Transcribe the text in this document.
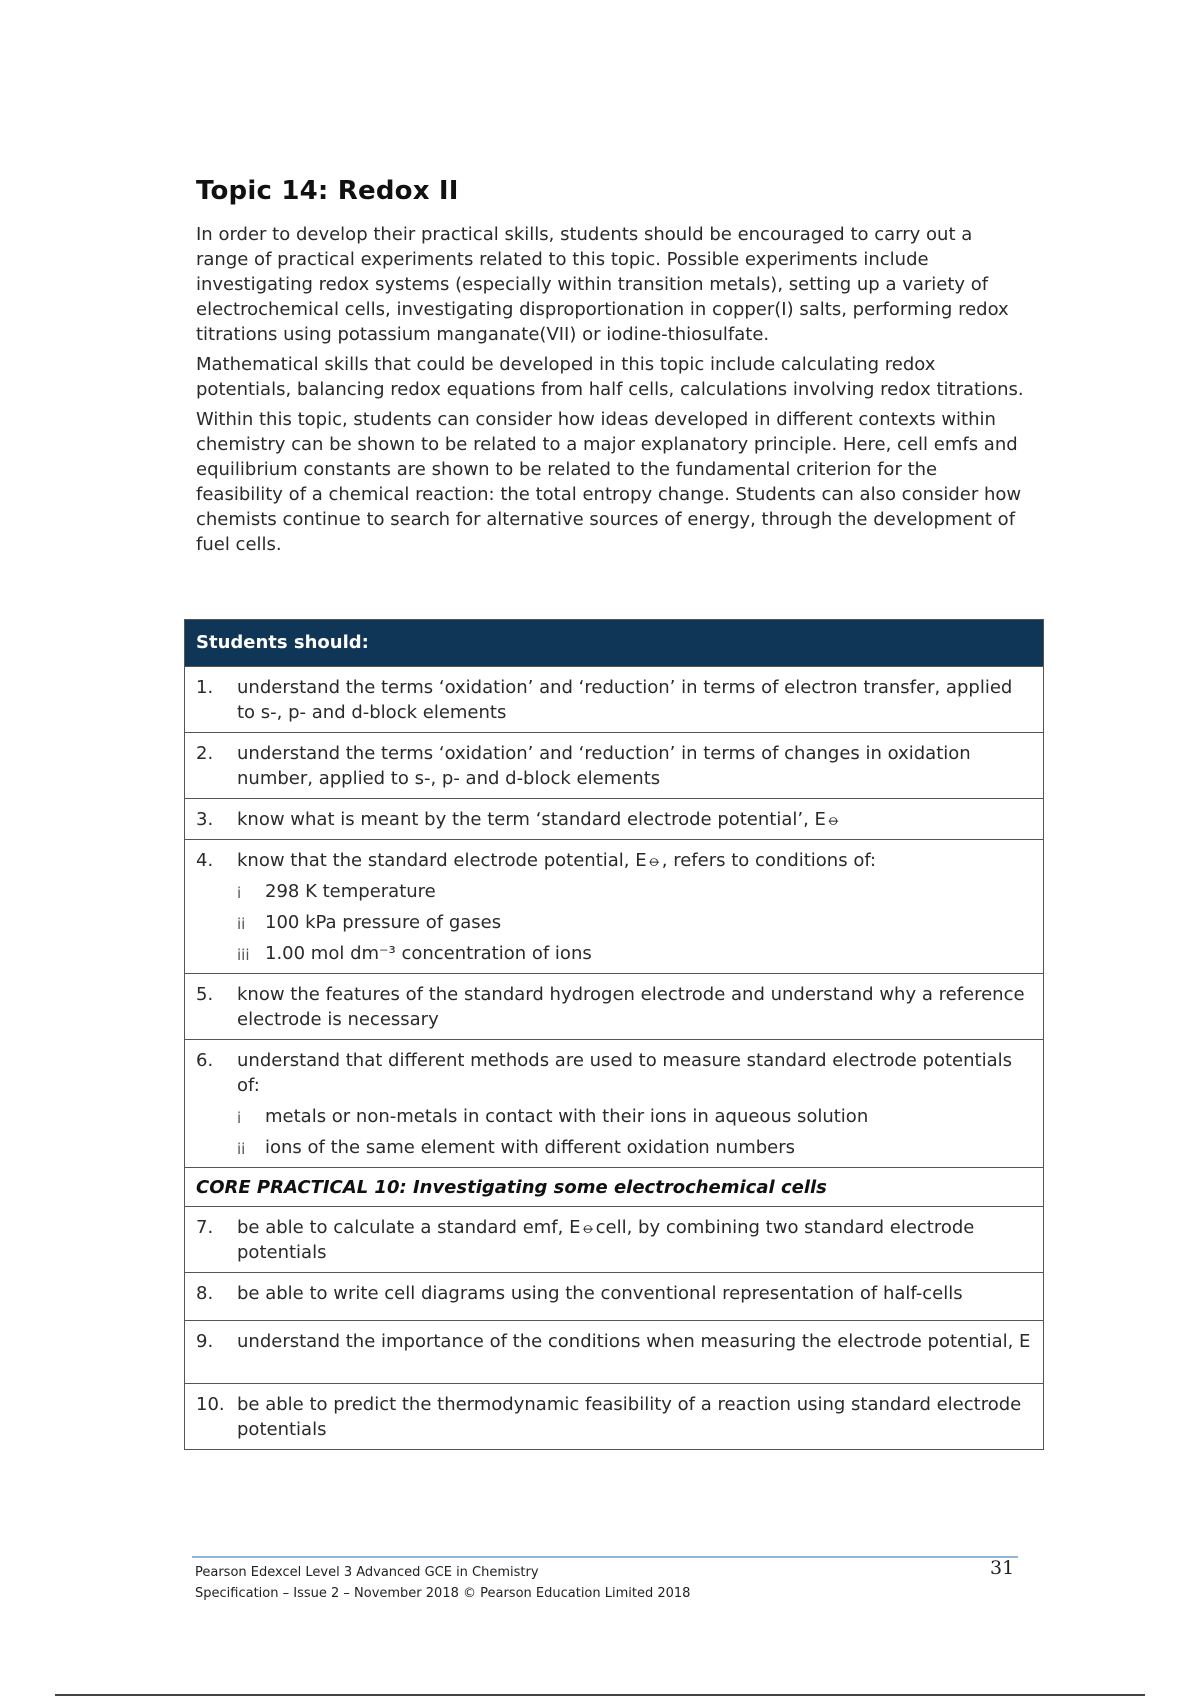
Topic 14: Redox II

In order to develop their practical skills, students should be encouraged to carry out a range of practical experiments related to this topic. Possible experiments include investigating redox systems (especially within transition metals), setting up a variety of electrochemical cells, investigating disproportionation in copper(I) salts, performing redox titrations using potassium manganate(VII) or iodine-thiosulfate.

Mathematical skills that could be developed in this topic include calculating redox potentials, balancing redox equations from half cells, calculations involving redox titrations.

Within this topic, students can consider how ideas developed in different contexts within chemistry can be shown to be related to a major explanatory principle. Here, cell emfs and equilibrium constants are shown to be related to the fundamental criterion for the feasibility of a chemical reaction: the total entropy change. Students can also consider how chemists continue to search for alternative sources of energy, through the development of fuel cells.

Students should:

1.	understand the terms ‘oxidation’ and ‘reduction’ in terms of electron transfer, applied to s-, p- and d-block elements

2.	understand the terms ‘oxidation’ and ‘reduction’ in terms of changes in oxidation number, applied to s-, p- and d-block elements

3.	know what is meant by the term ‘standard electrode potential’, E⦵

4.	know that the standard electrode potential, E⦵, refers to conditions of:
i	298 K temperature
ii	100 kPa pressure of gases
iii 1.00 mol dm⁻³ concentration of ions

5.	know the features of the standard hydrogen electrode and understand why a reference electrode is necessary

6.	understand that different methods are used to measure standard electrode potentials of:
i	metals or non-metals in contact with their ions in aqueous solution
ii	ions of the same element with different oxidation numbers

CORE PRACTICAL 10: Investigating some electrochemical cells

7.	be able to calculate a standard emf, E⦵cell, by combining two standard electrode potentials

8.	be able to write cell diagrams using the conventional representation of half-cells

9.	understand the importance of the conditions when measuring the electrode potential, E

10. be able to predict the thermodynamic feasibility of a reaction using standard electrode potentials
Pearson Edexcel Level 3 Advanced GCE in Chemistry
Specification – Issue 2 – November 2018 © Pearson Education Limited 2018
31
